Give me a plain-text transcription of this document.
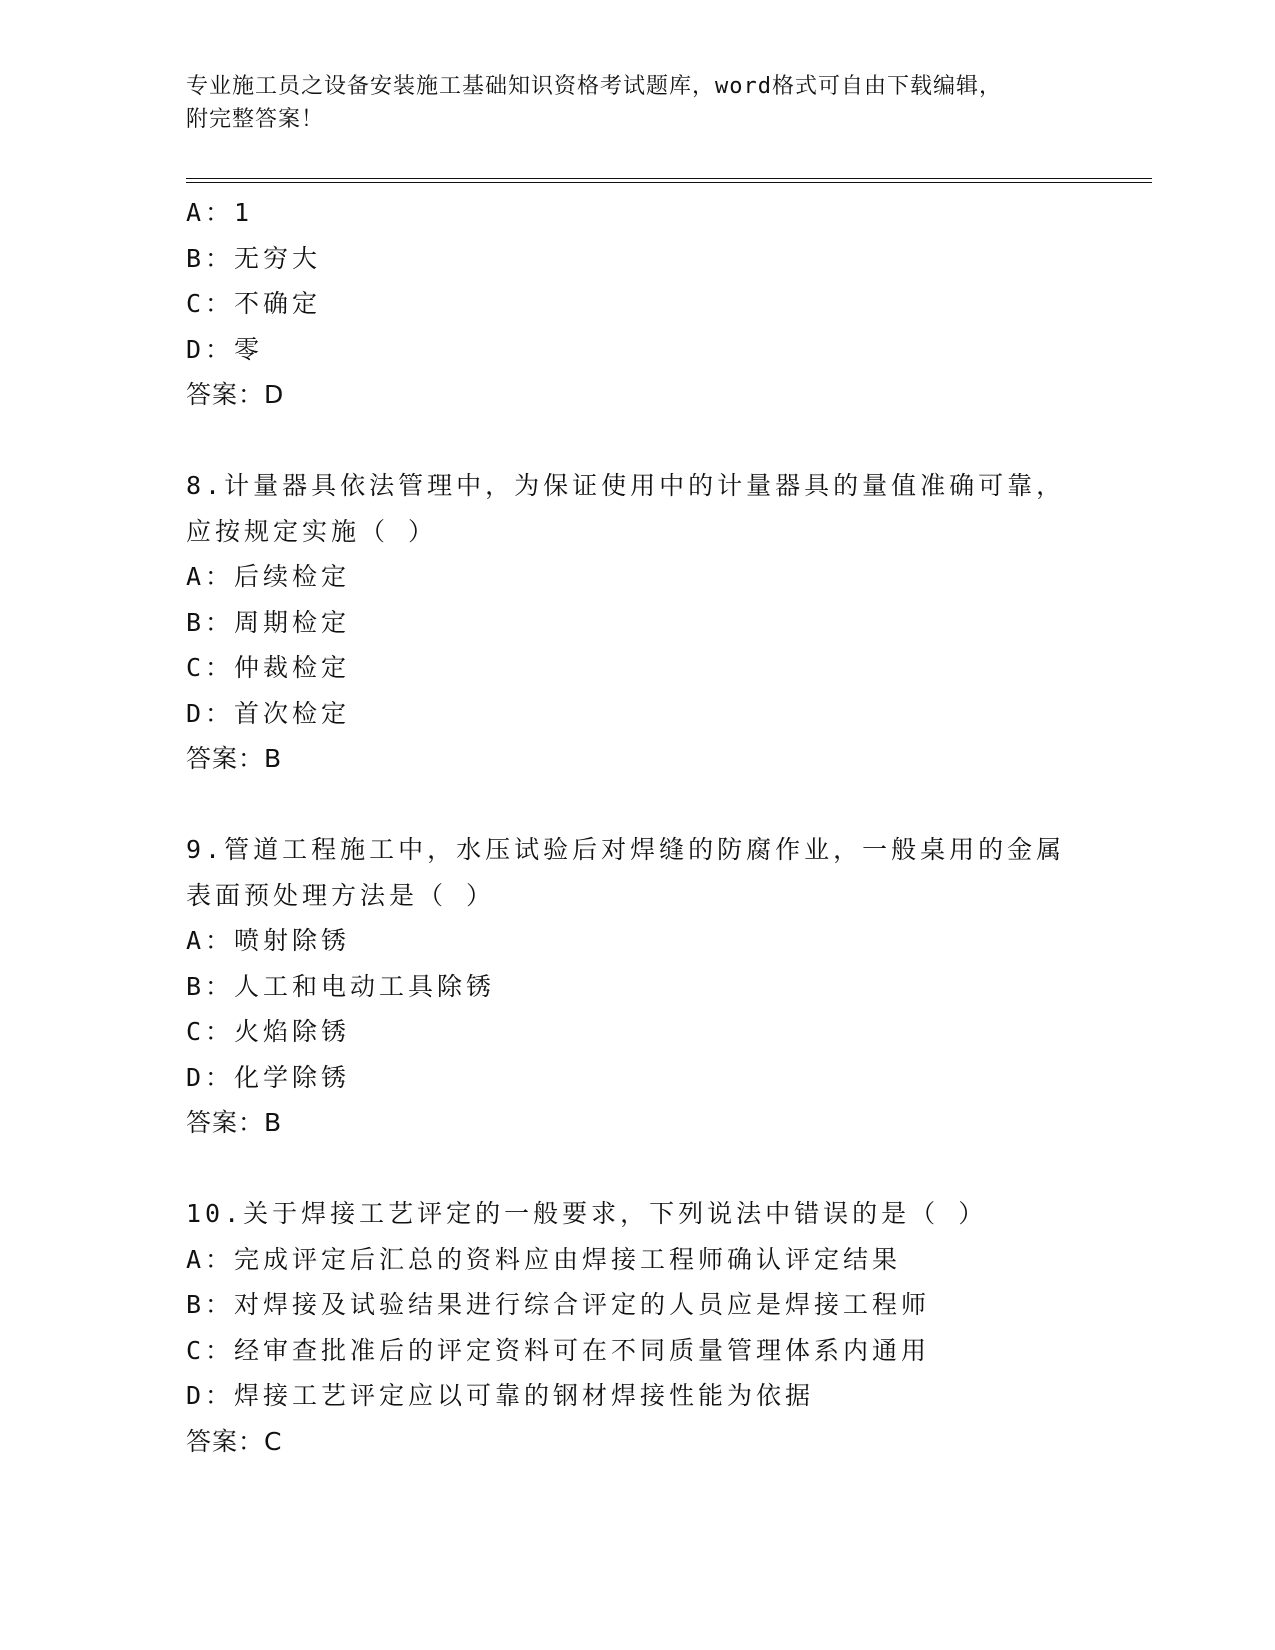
专业施工员之设备安装施工基础知识资格考试题库，word格式可自由下载编辑，
附完整答案！
A：1
B：无穷大
C：不确定
D：零
答案：D
8.计量器具依法管理中，为保证使用中的计量器具的量值准确可靠，
应按规定实施（ ）
A：后续检定
B：周期检定
C：仲裁检定
D：首次检定
答案：B
9.管道工程施工中，水压试验后对焊缝的防腐作业，一般桌用的金属
表面预处理方法是（ ）
A：喷射除锈
B：人工和电动工具除锈
C：火焰除锈
D：化学除锈
答案：B
10.关于焊接工艺评定的一般要求，下列说法中错误的是（ ）
A：完成评定后汇总的资料应由焊接工程师确认评定结果
B：对焊接及试验结果进行综合评定的人员应是焊接工程师
C：经审查批准后的评定资料可在不同质量管理体系内通用
D：焊接工艺评定应以可靠的钢材焊接性能为依据
答案：C
